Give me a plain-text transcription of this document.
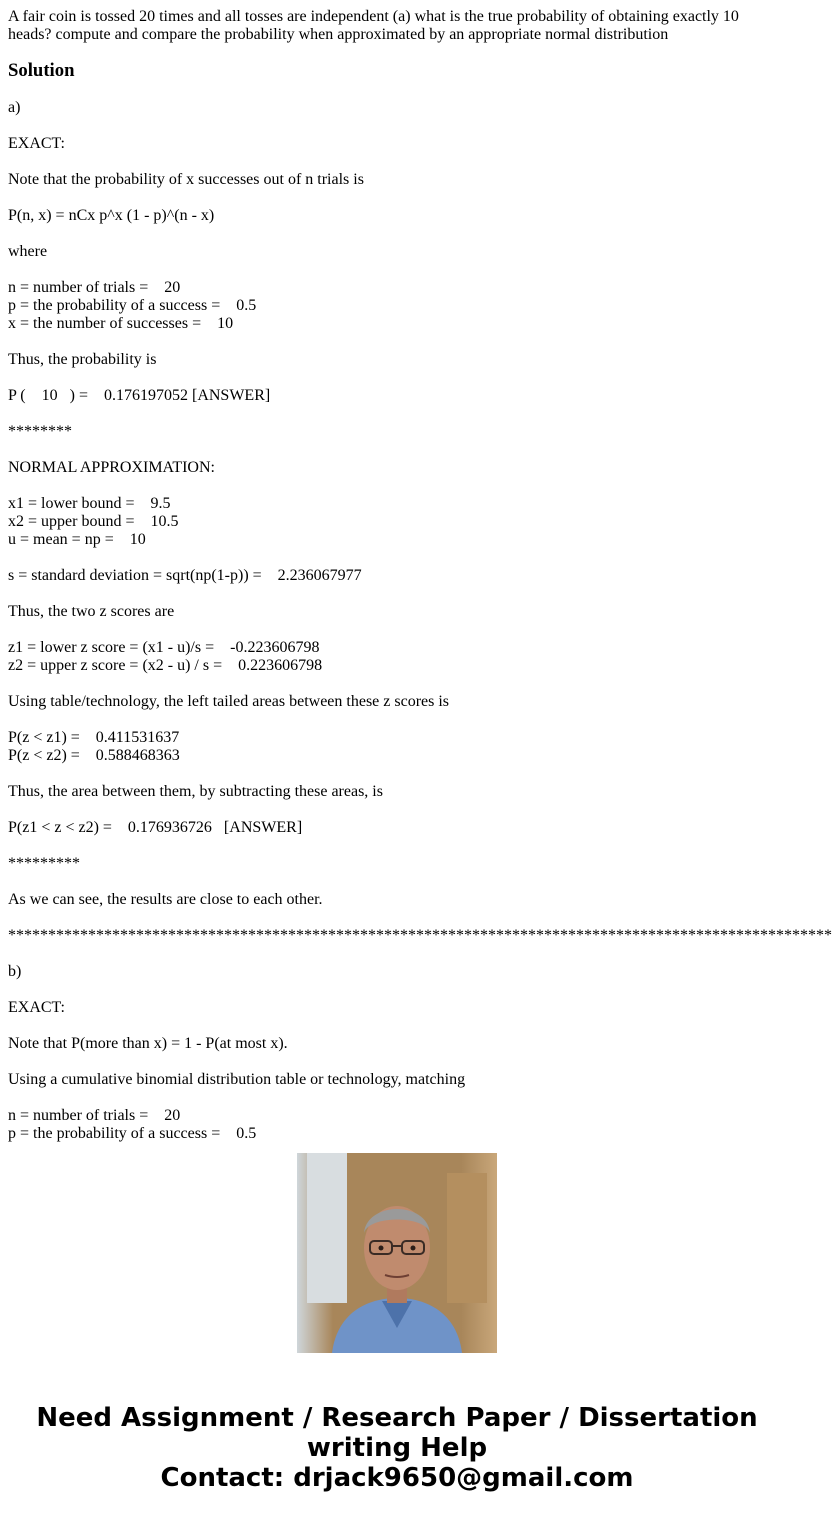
A fair coin is tossed 20 times and all tosses are independent (a) what is the true probability of obtaining exactly 10 heads? compute and compare the probability when approximated by an appropriate normal distribution
Solution
a)
EXACT:
Note that the probability of x successes out of n trials is
P(n, x) = nCx p^x (1 - p)^(n - x)
where
n = number of trials =    20
p = the probability of a success =    0.5
x = the number of successes =    10
Thus, the probability is
P (    10   ) =    0.176197052 [ANSWER]
********
NORMAL APPROXIMATION:
x1 = lower bound =    9.5
x2 = upper bound =    10.5
u = mean = np =    10
s = standard deviation = sqrt(np(1-p)) =    2.236067977
Thus, the two z scores are
z1 = lower z score = (x1 - u)/s =    -0.223606798
z2 = upper z score = (x2 - u) / s =    0.223606798
Using table/technology, the left tailed areas between these z scores is
P(z < z1) =    0.411531637
P(z < z2) =    0.588468363
Thus, the area between them, by subtracting these areas, is
P(z1 < z < z2) =    0.176936726   [ANSWER]
*********
As we can see, the results are close to each other.
*******************************************************************************************************
b)
EXACT:
Note that P(more than x) = 1 - P(at most x).
Using a cumulative binomial distribution table or technology, matching
n = number of trials =    20
p = the probability of a success =    0.5
Need Assignment / Research Paper / Dissertation
writing Help
Contact: drjack9650@gmail.com
